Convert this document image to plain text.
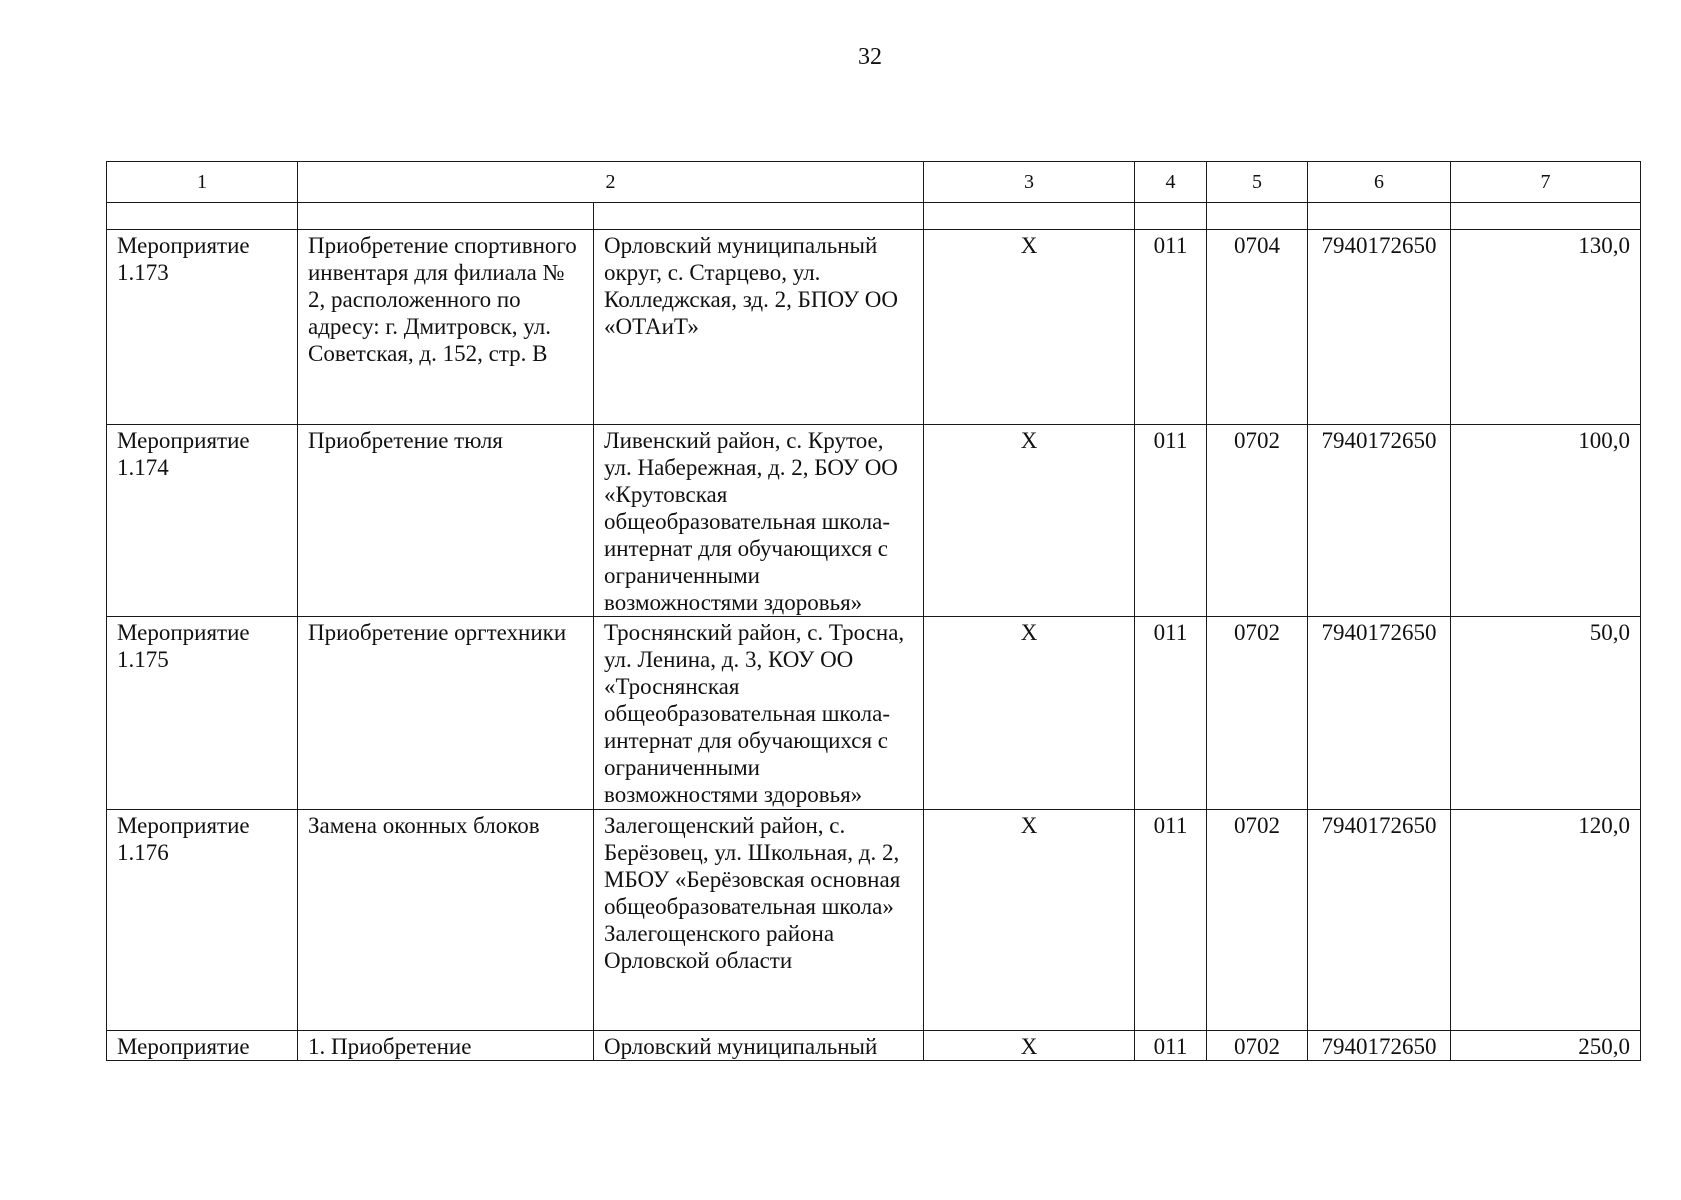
32
1	2		3	4	5	6	7

Мероприятие 1.173	Приобретение спортивного инвентаря для филиала № 2, расположенного по адресу: г. Дмитровск, ул. Советская, д. 152, стр. В	Орловский муниципальный округ, с. Старцево, ул. Колледжская, зд. 2, БПОУ ОО «ОТАиТ»	Х	011	0704	7940172650	130,0

Мероприятие 1.174	Приобретение тюля	Ливенский район, с. Крутое, ул. Набережная, д. 2, БОУ ОО «Крутовская общеобразовательная школа-интернат для обучающихся с ограниченными возможностями здоровья»	Х	011	0702	7940172650	100,0

Мероприятие 1.175	Приобретение оргтехники	Троснянский район, с. Тросна, ул. Ленина, д. 3, КОУ ОО «Троснянская общеобразовательная школа-интернат для обучающихся с ограниченными возможностями здоровья»	Х	011	0702	7940172650	50,0

Мероприятие 1.176	Замена оконных блоков	Залегощенский район, с. Берёзовец, ул. Школьная, д. 2, МБОУ «Берёзовская основная общеобразовательная школа» Залегощенского района Орловской области	Х	011	0702	7940172650	120,0

Мероприятие	1. Приобретение	Орловский муниципальный	Х	011	0702	7940172650	250,0
